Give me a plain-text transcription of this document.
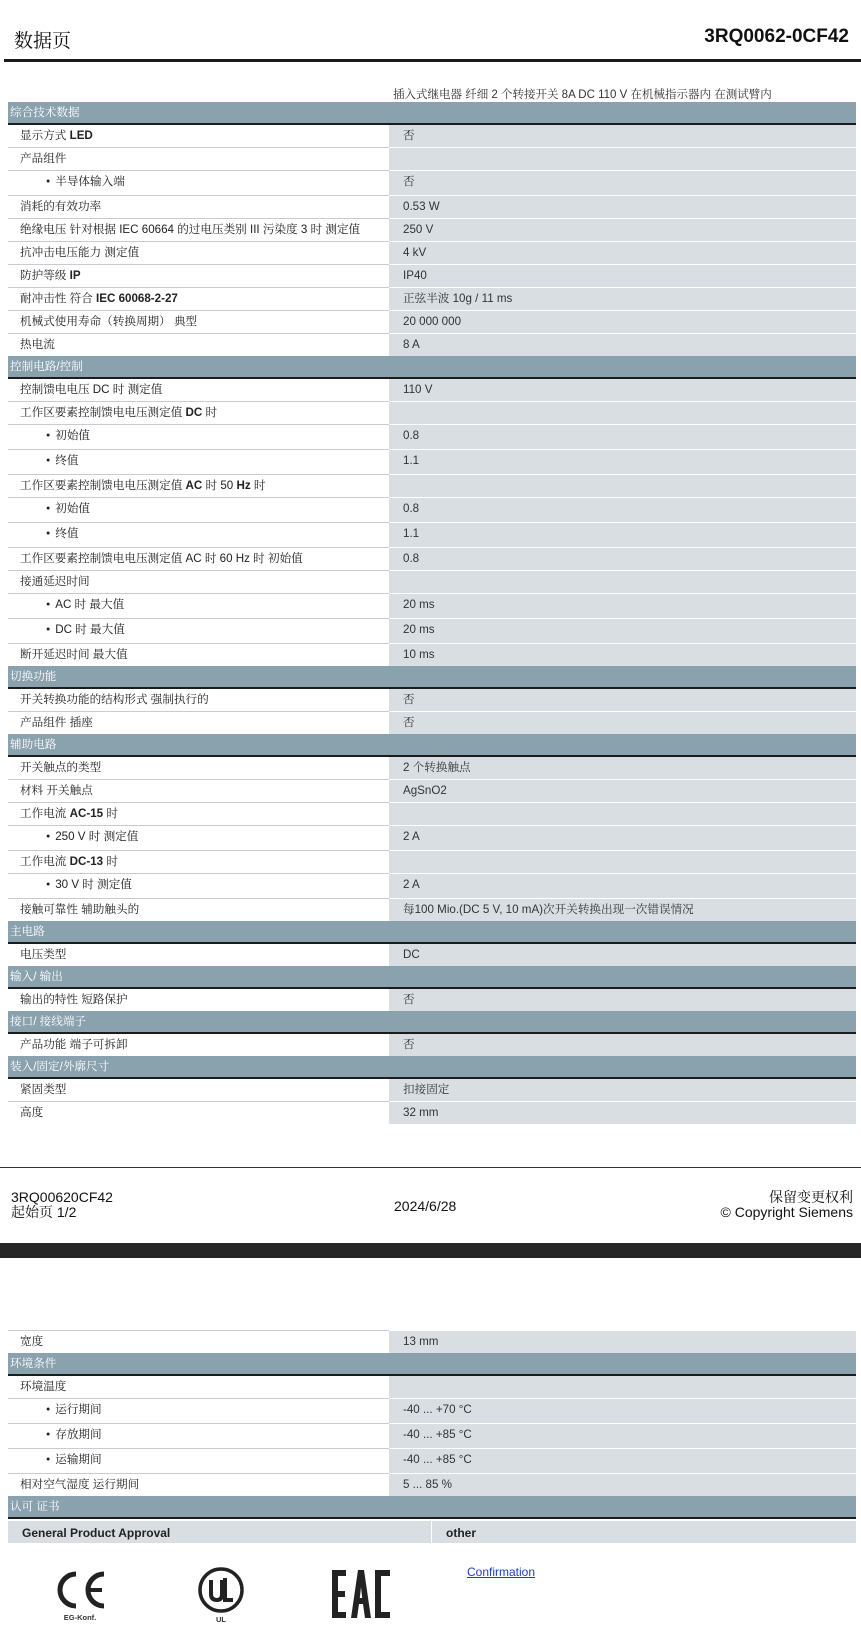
数据页	3RQ0062-0CF42
插入式继电器 纤细 2 个转接开关 8A DC 110 V 在机械指示器内 在测试臂内
综合技术数据	
显示方式 LED	否
产品组件	
● 半导体输入端	否
消耗的有效功率	0.53 W
绝缘电压 针对根据 IEC 60664 的过电压类别 III 污染度 3 时 测定值	250 V
抗冲击电压能力 测定值	4 kV
防护等级 IP	IP40
耐冲击性 符合 IEC 60068-2-27	正弦半波 10g / 11 ms
机械式使用寿命（转换周期） 典型	20 000 000
热电流	8 A
控制电路/控制	
控制馈电电压 DC 时 测定值	110 V
工作区要素控制馈电电压测定值 DC 时	
● 初始值	0.8
● 终值	1.1
工作区要素控制馈电电压测定值 AC 时 50 Hz 时	
● 初始值	0.8
● 终值	1.1
工作区要素控制馈电电压测定值 AC 时 60 Hz 时 初始值	0.8
接通延迟时间	
● AC 时 最大值	20 ms
● DC 时 最大值	20 ms
断开延迟时间 最大值	10 ms
切换功能	
开关转换功能的结构形式 强制执行的	否
产品组件 插座	否
辅助电路	
开关触点的类型	2 个转换触点
材料 开关触点	AgSnO2
工作电流 AC-15 时	
● 250 V 时 测定值	2 A
工作电流 DC-13 时	
● 30 V 时 测定值	2 A
接触可靠性 辅助触头的	每100 Mio.(DC 5 V, 10 mA)次开关转换出现一次错误情况
主电路	
电压类型	DC
输入/ 输出	
输出的特性 短路保护	否
接口/ 接线端子	
产品功能 端子可拆卸	否
装入/固定/外廓尺寸	
紧固类型	扣接固定
高度	32 mm
3RQ00620CF42
起始页 1/2	2024/6/28
保留变更权利
© Copyright Siemens
宽度	13 mm
环境条件	
环境温度	
● 运行期间	-40 ... +70 °C
● 存放期间	-40 ... +85 °C
● 运输期间	-40 ... +85 °C
相对空气湿度 运行期间	5 ... 85 %
认可 证书	
General Product Approval	other
EG-Konf.	UL
Confirmation
